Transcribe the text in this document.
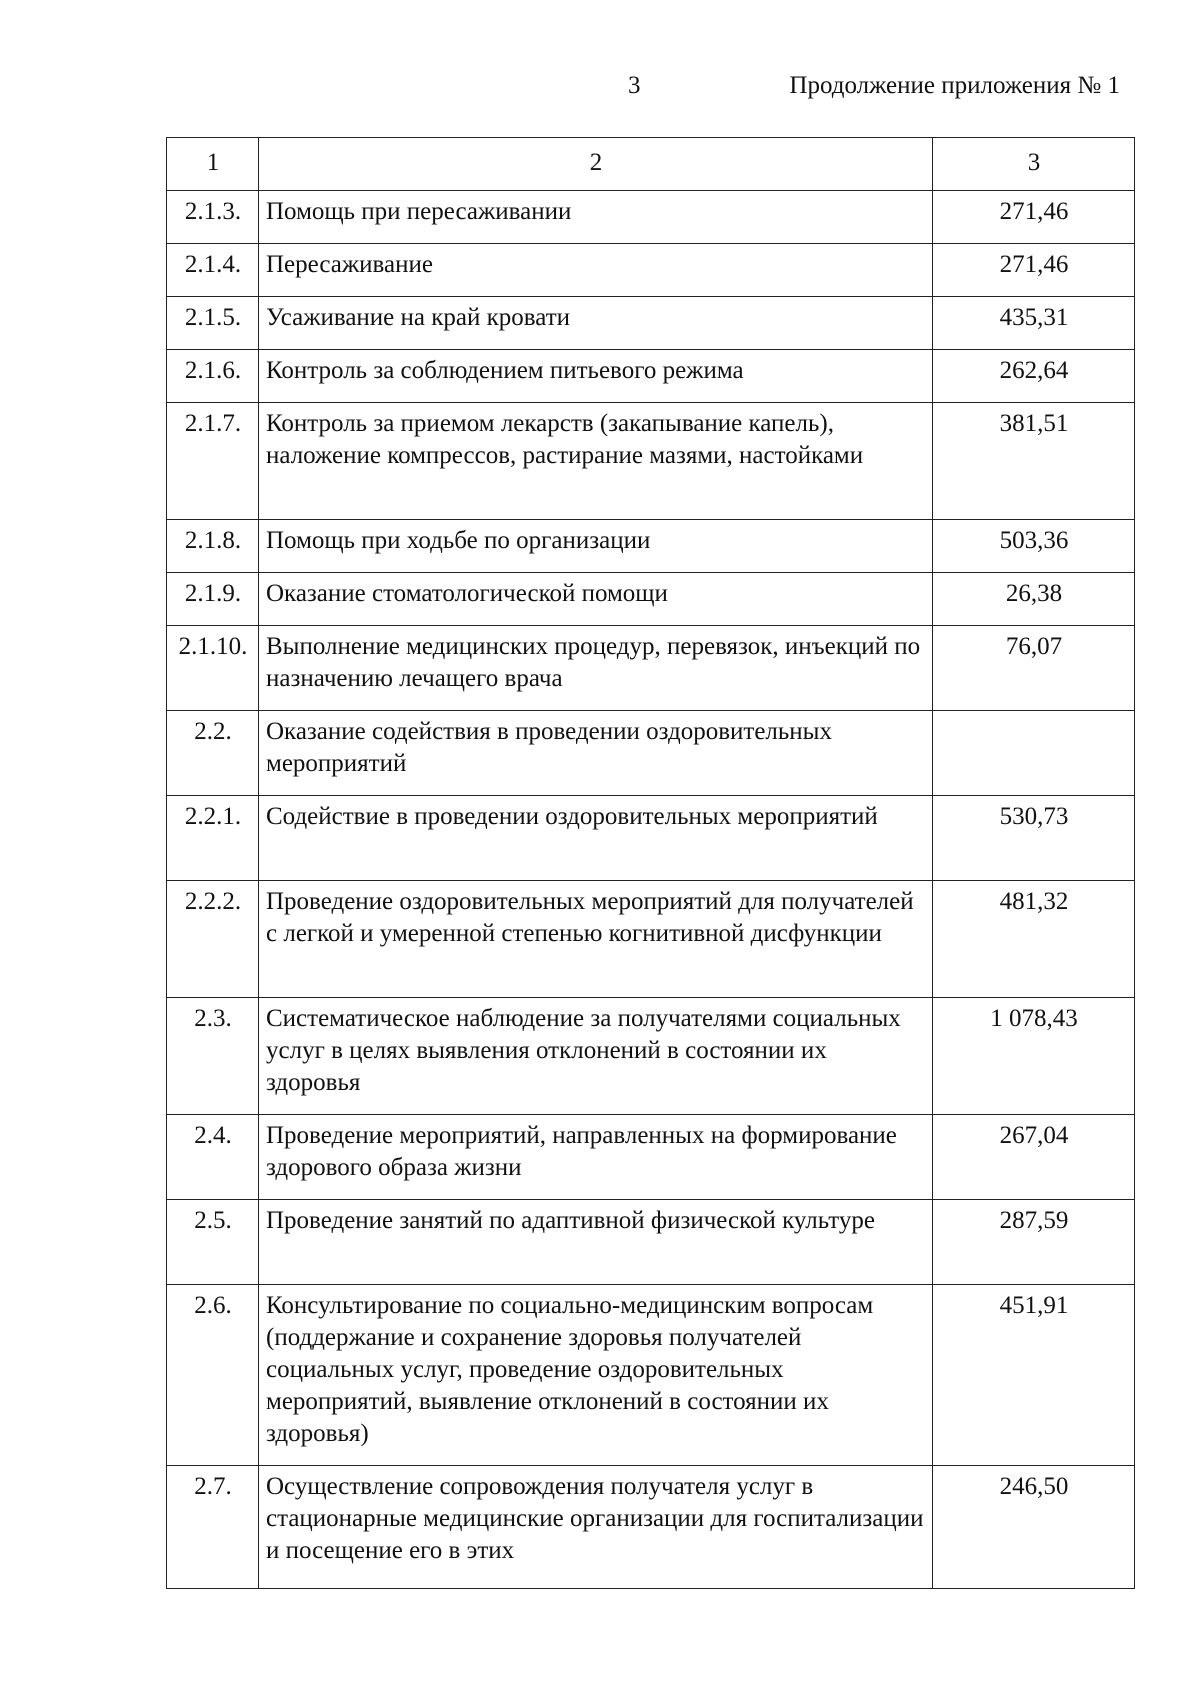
3	Продолжение приложения № 1
1	2	3
2.1.3.	Помощь при пересаживании	271,46
2.1.4.	Пересаживание	271,46
2.1.5.	Усаживание на край кровати	435,31
2.1.6.	Контроль за соблюдением питьевого режима	262,64
2.1.7.	Контроль за приемом лекарств (закапывание капель), наложение компрессов, растирание мазями, настойками	381,51
2.1.8.	Помощь при ходьбе по организации	503,36
2.1.9.	Оказание стоматологической помощи	26,38
2.1.10.	Выполнение медицинских процедур, перевязок, инъекций по назначению лечащего врача	76,07
2.2.	Оказание содействия в проведении оздоровительных мероприятий	
2.2.1.	Содействие в проведении оздоровительных мероприятий	530,73
2.2.2.	Проведение оздоровительных мероприятий для получателей с легкой и умеренной степенью когнитивной дисфункции	481,32
2.3.	Систематическое наблюдение за получателями социальных услуг в целях выявления отклонений в состоянии их здоровья	1 078,43
2.4.	Проведение мероприятий, направленных на формирование здорового образа жизни	267,04
2.5.	Проведение занятий по адаптивной физической культуре	287,59
2.6.	Консультирование по социально-медицинским вопросам (поддержание и сохранение здоровья получателей социальных услуг, проведение оздоровительных мероприятий, выявление отклонений в состоянии их здоровья)	451,91
2.7.	Осуществление сопровождения получателя услуг в стационарные медицинские организации для госпитализации и посещение его в этих	246,50
